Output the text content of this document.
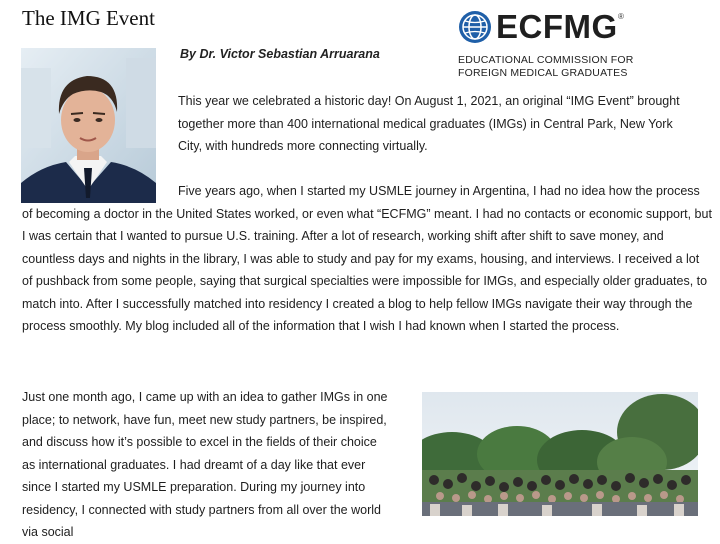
The IMG Event	ECFMG ®
EDUCATIONAL COMMISSION FOR
FOREIGN MEDICAL GRADUATES
By Dr. Victor Sebastian Arruarana

This year we celebrated a historic day! On August 1, 2021, an original “IMG Event” brought together more than 400 international medical graduates (IMGs) in Central Park, New York City, with hundreds more connecting virtually.

Five years ago, when I started my USMLE journey in Argentina, I had no idea how the process of becoming a doctor in the United States worked, or even what “ECFMG” meant. I had no contacts or economic support, but I was certain that I wanted to pursue U.S. training. After a lot of research, working shift after shift to save money, and countless days and nights in the library, I was able to study and pay for my exams, housing, and interviews. I received a lot of pushback from some people, saying that surgical specialties were impossible for IMGs, and especially older graduates, to match into. After I successfully matched into residency I created a blog to help fellow IMGs navigate their way through the process smoothly. My blog included all of the information that I wish I had known when I started the process.

Just one month ago, I came up with an idea to gather IMGs in one place; to network, have fun, meet new study partners, be inspired, and discuss how it’s possible to excel in the fields of their choice as international graduates. I had dreamt of a day like that ever since I started my USMLE preparation. During my journey into residency, I connected with study partners from all over the world via social
